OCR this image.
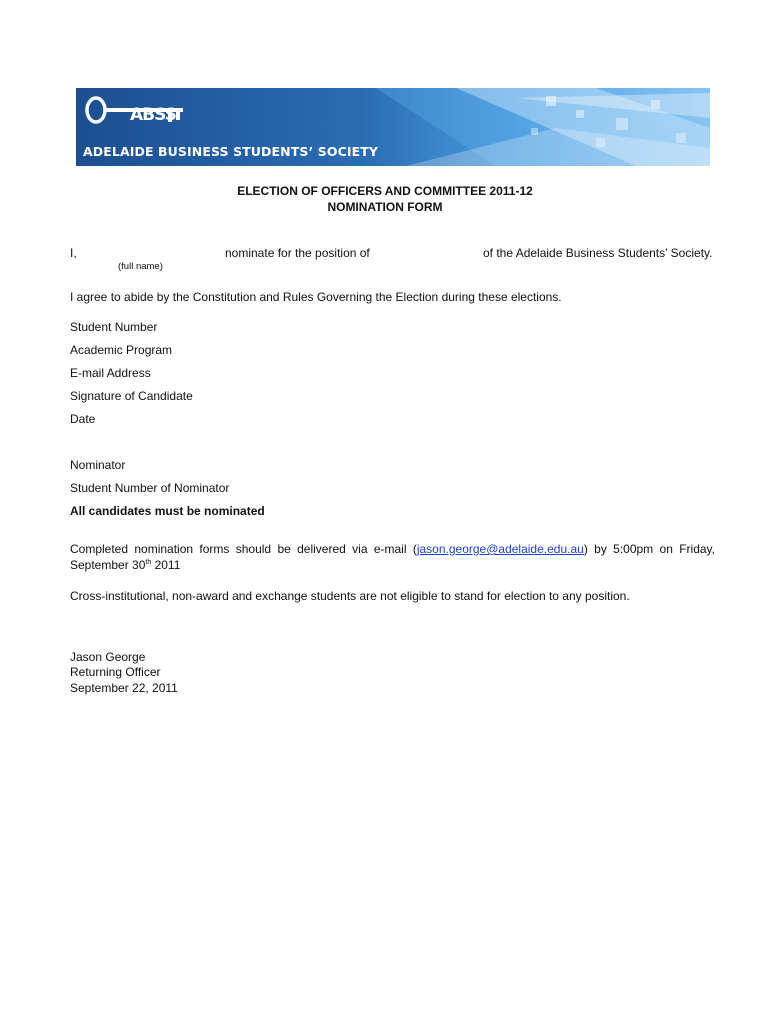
ABSS
ADELAIDE BUSINESS STUDENTS’ SOCIETY
ELECTION OF OFFICERS AND COMMITTEE 2011-12
NOMINATION FORM
I,	nominate for the position of	of the Adelaide Business Students’ Society.
(full name)
I agree to abide by the Constitution and Rules Governing the Election during these elections.
Student Number
Academic Program
E-mail Address
Signature of Candidate
Date
Nominator
Student Number of Nominator
All candidates must be nominated
Completed nomination forms should be delivered via e-mail (jason.george@adelaide.edu.au) by 5:00pm on Friday,
September 30th 2011
Cross-institutional, non-award and exchange students are not eligible to stand for election to any position.
Jason George
Returning Officer
September 22, 2011
